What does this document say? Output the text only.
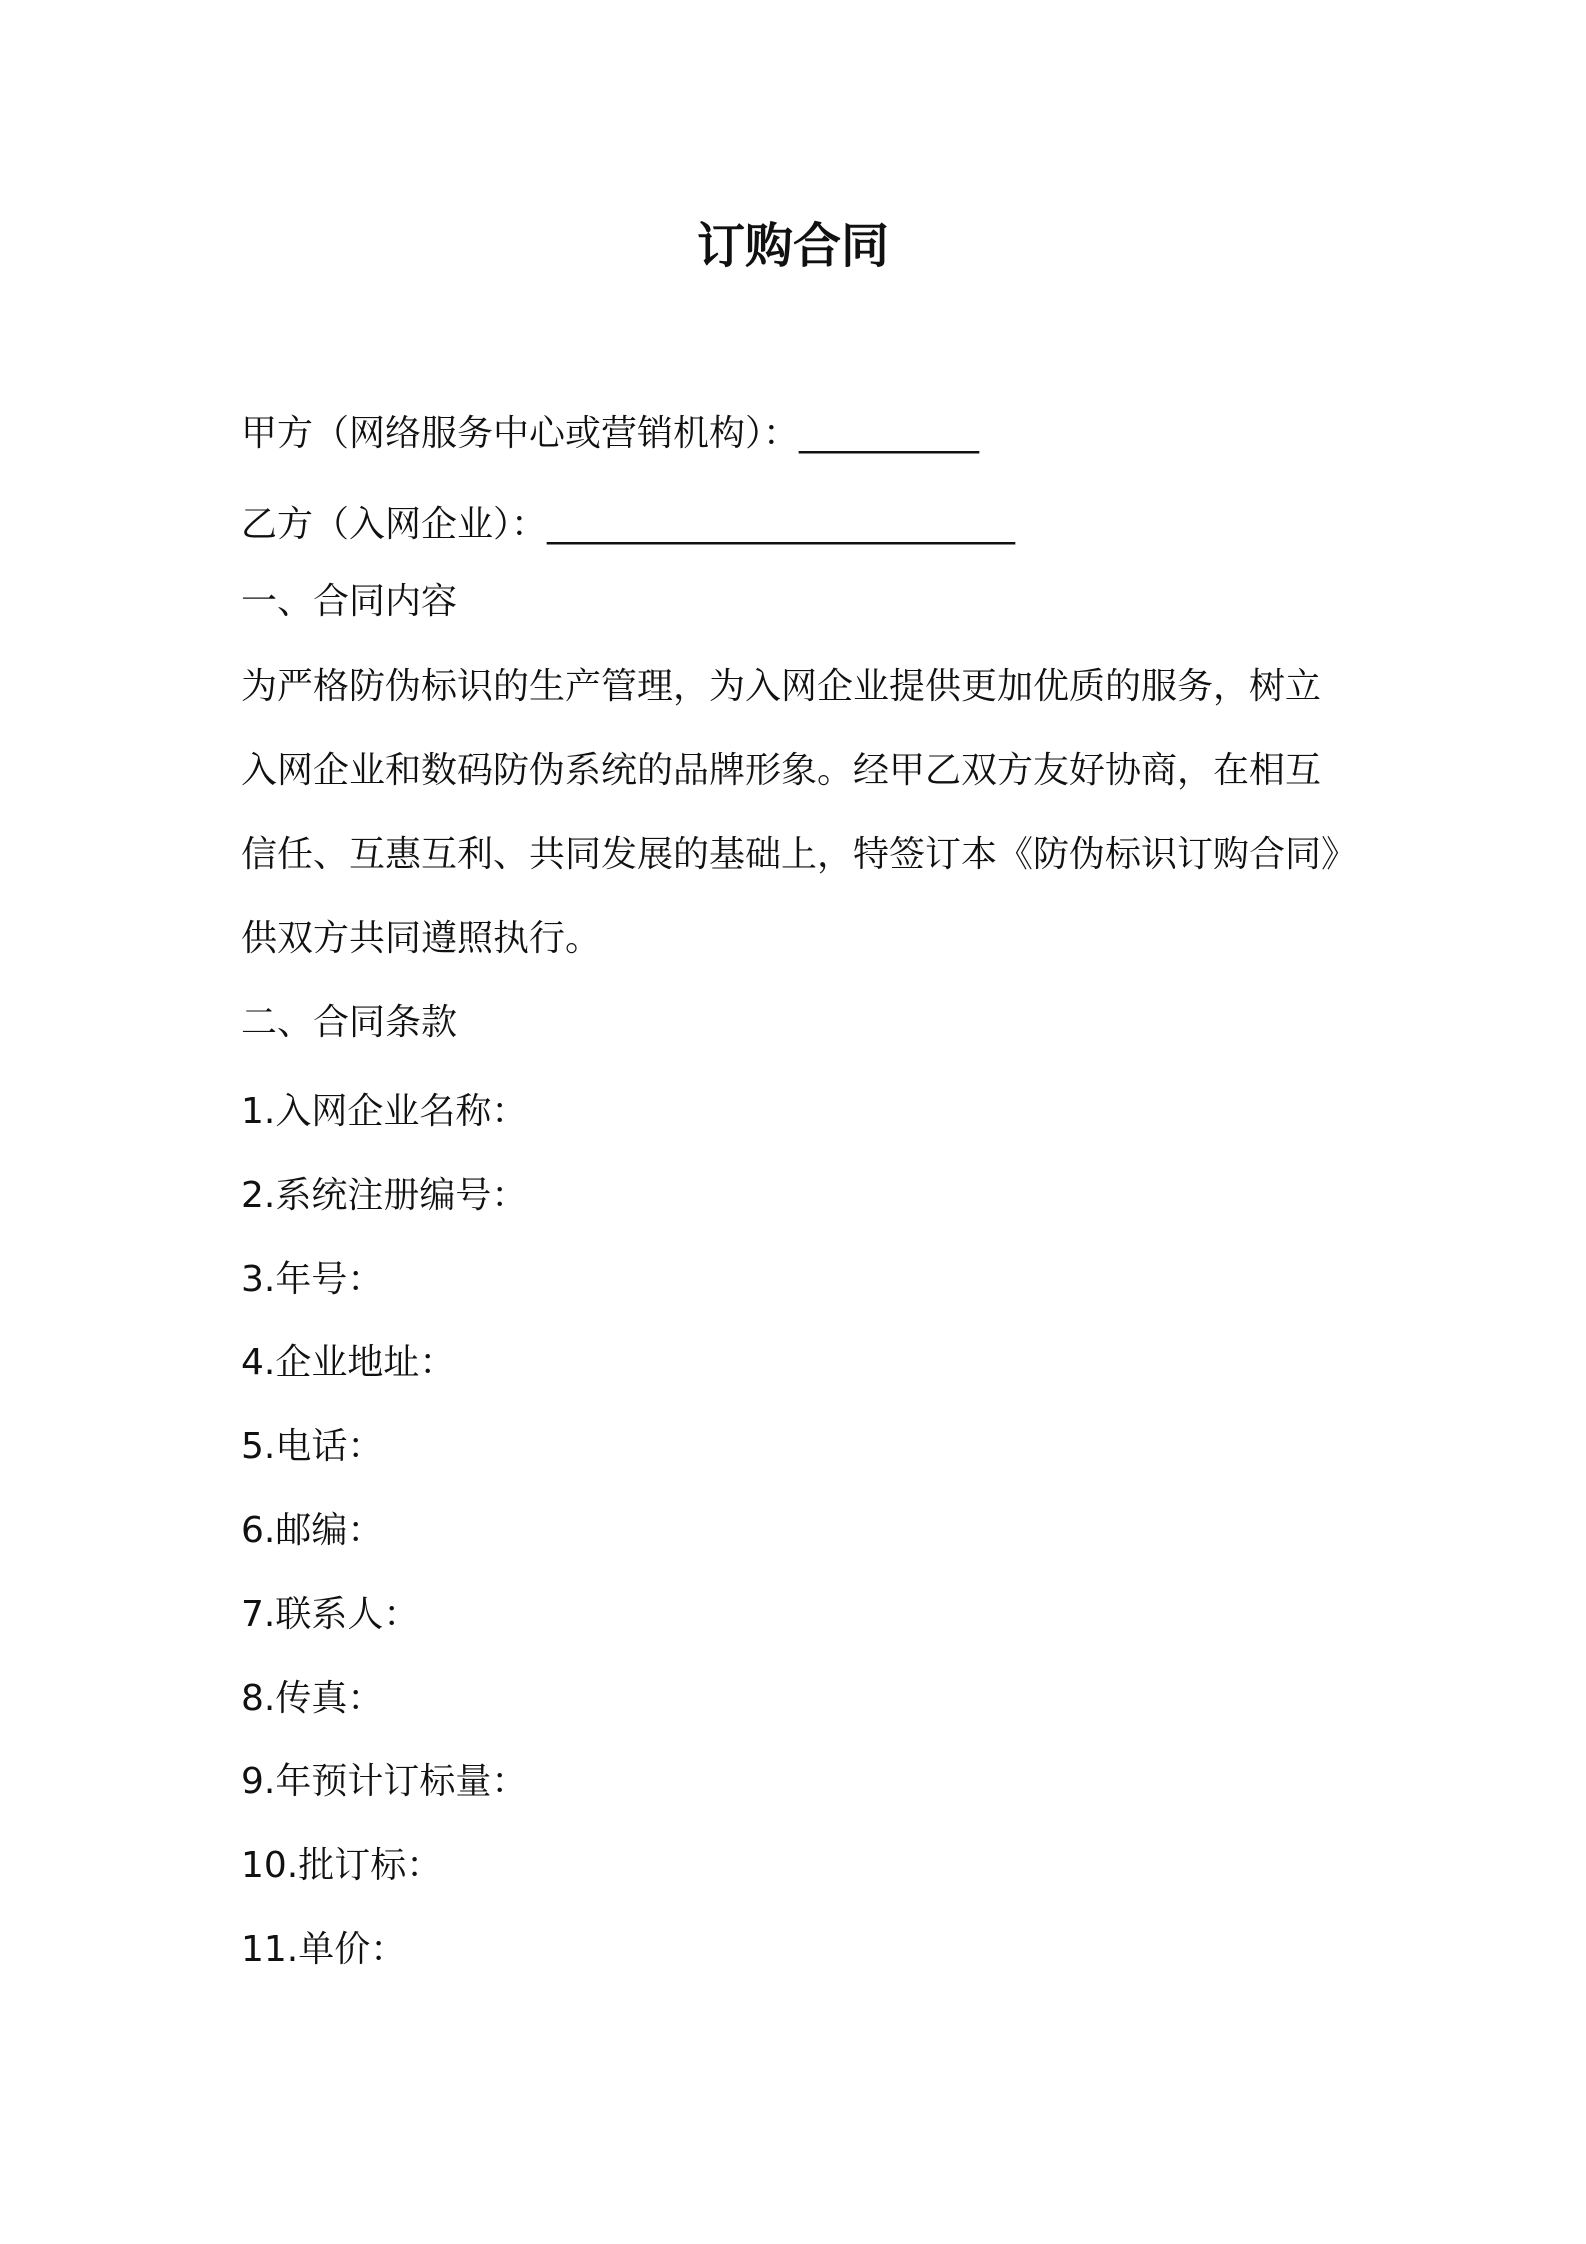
订购合同
甲方（网络服务中心或营销机构）：__________
乙方（入网企业）：__________________________
一、合同内容
为严格防伪标识的生产管理，为入网企业提供更加优质的服务，树立
入网企业和数码防伪系统的品牌形象。经甲乙双方友好协商，在相互
信任、互惠互利、共同发展的基础上，特签订本《防伪标识订购合同》
供双方共同遵照执行。
二、合同条款
1.入网企业名称：
2.系统注册编号：
3.年号：
4.企业地址：
5.电话：
6.邮编：
7.联系人：
8.传真：
9.年预计订标量：
10.批订标：
11.单价：
